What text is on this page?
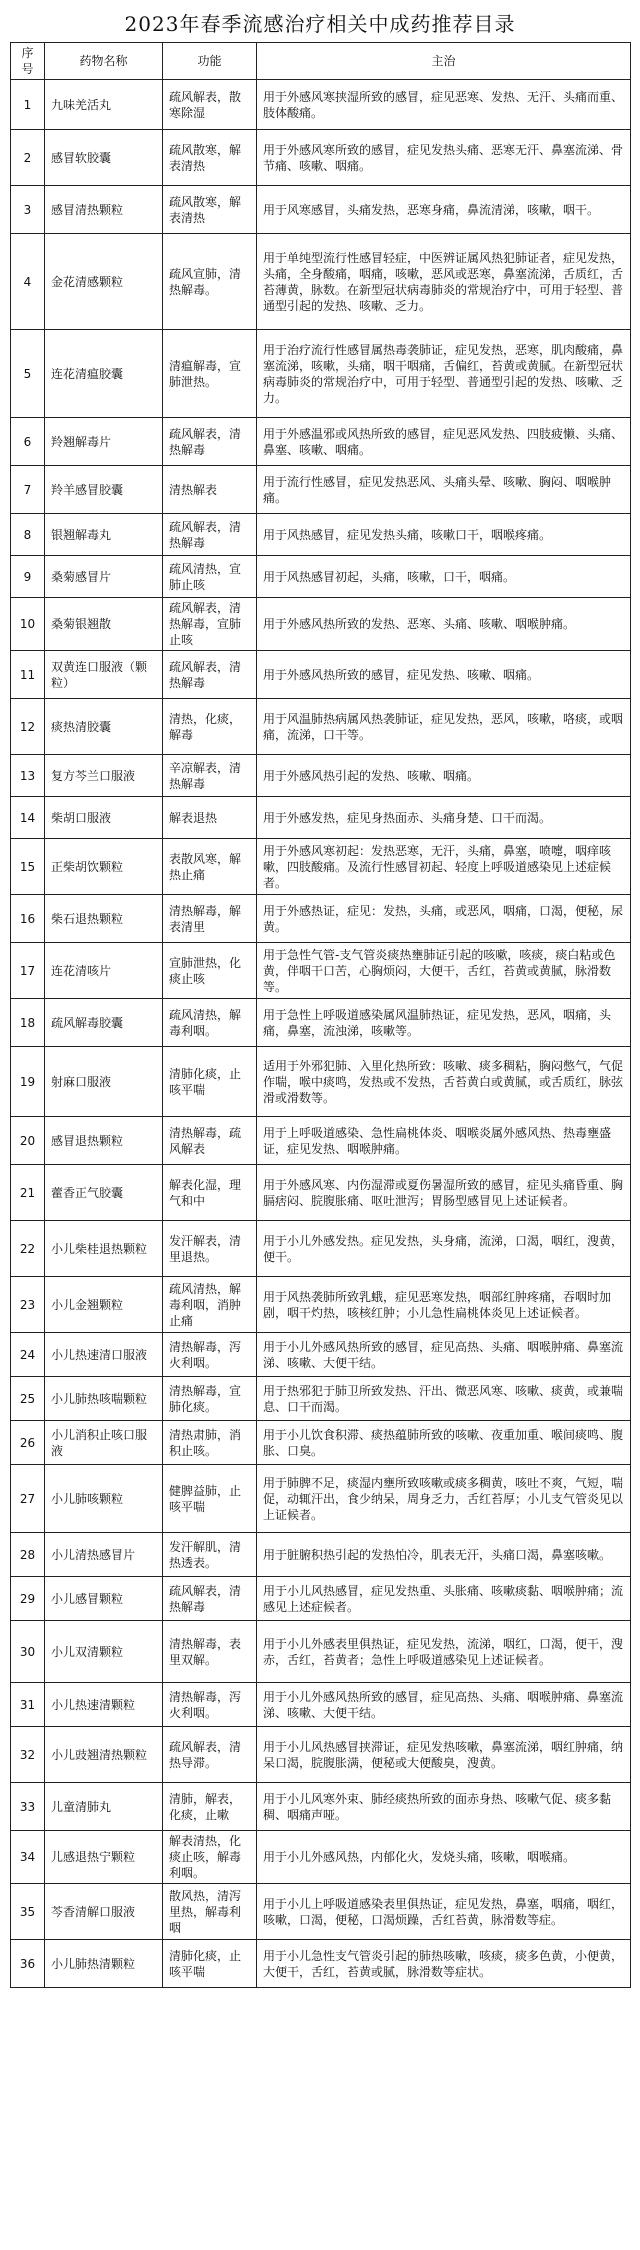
2023年春季流感治疗相关中成药推荐目录
序号	药物名称	功能	主治
1	九味羌活丸	疏风解表，散寒除湿	用于外感风寒挟湿所致的感冒，症见恶寒、发热、无汗、头痛而重、肢体酸痛。
2	感冒软胶囊	疏风散寒，解表清热	用于外感风寒所致的感冒，症见发热头痛、恶寒无汗、鼻塞流涕、骨节痛、咳嗽、咽痛。
3	感冒清热颗粒	疏风散寒，解表清热	用于风寒感冒，头痛发热，恶寒身痛，鼻流清涕，咳嗽，咽干。
4	金花清感颗粒	疏风宣肺，清热解毒。	用于单纯型流行性感冒轻症，中医辨证属风热犯肺证者，症见发热，头痛，全身酸痛，咽痛，咳嗽，恶风或恶寒，鼻塞流涕，舌质红，舌苔薄黄，脉数。在新型冠状病毒肺炎的常规治疗中，可用于轻型、普通型引起的发热、咳嗽、乏力。
5	连花清瘟胶囊	清瘟解毒，宣肺泄热。	用于治疗流行性感冒属热毒袭肺证，症见发热，恶寒，肌肉酸痛，鼻塞流涕，咳嗽，头痛，咽干咽痛，舌偏红，苔黄或黄腻。在新型冠状病毒肺炎的常规治疗中，可用于轻型、普通型引起的发热、咳嗽、乏力。
6	羚翘解毒片	疏风解表，清热解毒	用于外感温邪或风热所致的感冒，症见恶风发热、四肢疲懒、头痛、鼻塞、咳嗽、咽痛。
7	羚羊感冒胶囊	清热解表	用于流行性感冒，症见发热恶风、头痛头晕、咳嗽、胸闷、咽喉肿痛。
8	银翘解毒丸	疏风解表，清热解毒	用于风热感冒，症见发热头痛，咳嗽口干，咽喉疼痛。
9	桑菊感冒片	疏风清热，宣肺止咳	用于风热感冒初起，头痛，咳嗽，口干，咽痛。
10	桑菊银翘散	疏风解表，清热解毒，宣肺止咳	用于外感风热所致的发热、恶寒、头痛、咳嗽、咽喉肿痛。
11	双黄连口服液（颗粒）	疏风解表，清热解毒	用于外感风热所致的感冒，症见发热、咳嗽、咽痛。
12	痰热清胶囊	清热，化痰，解毒	用于风温肺热病属风热袭肺证，症见发热，恶风，咳嗽，咯痰，或咽痛，流涕，口干等。
13	复方芩兰口服液	辛凉解表，清热解毒	用于外感风热引起的发热、咳嗽、咽痛。
14	柴胡口服液	解表退热	用于外感发热，症见身热面赤、头痛身楚、口干而渴。
15	正柴胡饮颗粒	表散风寒，解热止痛	用于外感风寒初起：发热恶寒，无汗，头痛，鼻塞，喷嚏，咽痒咳嗽，四肢酸痛。及流行性感冒初起、轻度上呼吸道感染见上述症候者。
16	柴石退热颗粒	清热解毒，解表清里	用于外感热证，症见：发热，头痛，或恶风，咽痛，口渴，便秘，尿黄。
17	连花清咳片	宣肺泄热，化痰止咳	用于急性气管-支气管炎痰热壅肺证引起的咳嗽，咳痰，痰白粘或色黄，伴咽干口苦，心胸烦闷，大便干，舌红，苔黄或黄腻，脉滑数等。
18	疏风解毒胶囊	疏风清热，解毒利咽。	用于急性上呼吸道感染属风温肺热证，症见发热，恶风，咽痛，头痛，鼻塞，流浊涕，咳嗽等。
19	射麻口服液	清肺化痰，止咳平喘	适用于外邪犯肺、入里化热所致：咳嗽、痰多稠粘，胸闷憋气，气促作喘，喉中痰鸣，发热或不发热，舌苔黄白或黄腻，或舌质红，脉弦滑或滑数等。
20	感冒退热颗粒	清热解毒，疏风解表	用于上呼吸道感染、急性扁桃体炎、咽喉炎属外感风热、热毒壅盛证，症见发热、咽喉肿痛。
21	藿香正气胶囊	解表化湿，理气和中	用于外感风寒、内伤湿滞或夏伤暑湿所致的感冒，症见头痛昏重、胸膈痞闷、脘腹胀痛、呕吐泄泻；胃肠型感冒见上述证候者。
22	小儿柴桂退热颗粒	发汗解表，清里退热。	用于小儿外感发热。症见发热，头身痛，流涕，口渴，咽红，溲黄，便干。
23	小儿金翘颗粒	疏风清热，解毒利咽，消肿止痛	用于风热袭肺所致乳蛾，症见恶寒发热，咽部红肿疼痛，吞咽时加剧，咽干灼热，咳核红肿；小儿急性扁桃体炎见上述证候者。
24	小儿热速清口服液	清热解毒，泻火利咽。	用于小儿外感风热所致的感冒，症见高热、头痛、咽喉肿痛、鼻塞流涕、咳嗽、大便干结。
25	小儿肺热咳喘颗粒	清热解毒，宣肺化痰。	用于热邪犯于肺卫所致发热、汗出、微恶风寒、咳嗽、痰黄，或兼喘息、口干而渴。
26	小儿消积止咳口服液	清热肃肺，消积止咳。	用于小儿饮食积滞、痰热蕴肺所致的咳嗽、夜重加重、喉间痰鸣、腹胀、口臭。
27	小儿肺咳颗粒	健脾益肺，止咳平喘	用于肺脾不足，痰湿内壅所致咳嗽或痰多稠黄，咳吐不爽，气短，喘促，动辄汗出，食少纳呆，周身乏力，舌红苔厚；小儿支气管炎见以上证候者。
28	小儿清热感冒片	发汗解肌，清热透表。	用于脏腑积热引起的发热怕冷，肌表无汗，头痛口渴，鼻塞咳嗽。
29	小儿感冒颗粒	疏风解表，清热解毒	用于小儿风热感冒，症见发热重、头胀痛、咳嗽痰黏、咽喉肿痛；流感见上述症候者。
30	小儿双清颗粒	清热解毒，表里双解。	用于小儿外感表里俱热证，症见发热，流涕，咽红，口渴，便干，溲赤，舌红，苔黄者；急性上呼吸道感染见上述证候者。
31	小儿热速清颗粒	清热解毒，泻火利咽。	用于小儿外感风热所致的感冒，症见高热、头痛、咽喉肿痛、鼻塞流涕、咳嗽、大便干结。
32	小儿豉翘清热颗粒	疏风解表，清热导滞。	用于小儿风热感冒挟滞证，症见发热咳嗽，鼻塞流涕，咽红肿痛，纳呆口渴，脘腹胀满，便秘或大便酸臭，溲黄。
33	儿童清肺丸	清肺，解表，化痰，止嗽	用于小儿风寒外束、肺经痰热所致的面赤身热、咳嗽气促、痰多黏稠、咽痛声哑。
34	儿感退热宁颗粒	解表清热，化痰止咳，解毒利咽。	用于小儿外感风热，内郁化火，发烧头痛，咳嗽，咽喉痛。
35	芩香清解口服液	散风热，清泻里热，解毒利咽	用于小儿上呼吸道感染表里俱热证，症见发热，鼻塞，咽痛，咽红，咳嗽，口渴，便秘，口渴烦躁，舌红苔黄，脉滑数等症。
36	小儿肺热清颗粒	清肺化痰，止咳平喘	用于小儿急性支气管炎引起的肺热咳嗽，咳痰，痰多色黄，小便黄，大便干，舌红，苔黄或腻，脉滑数等症状。
